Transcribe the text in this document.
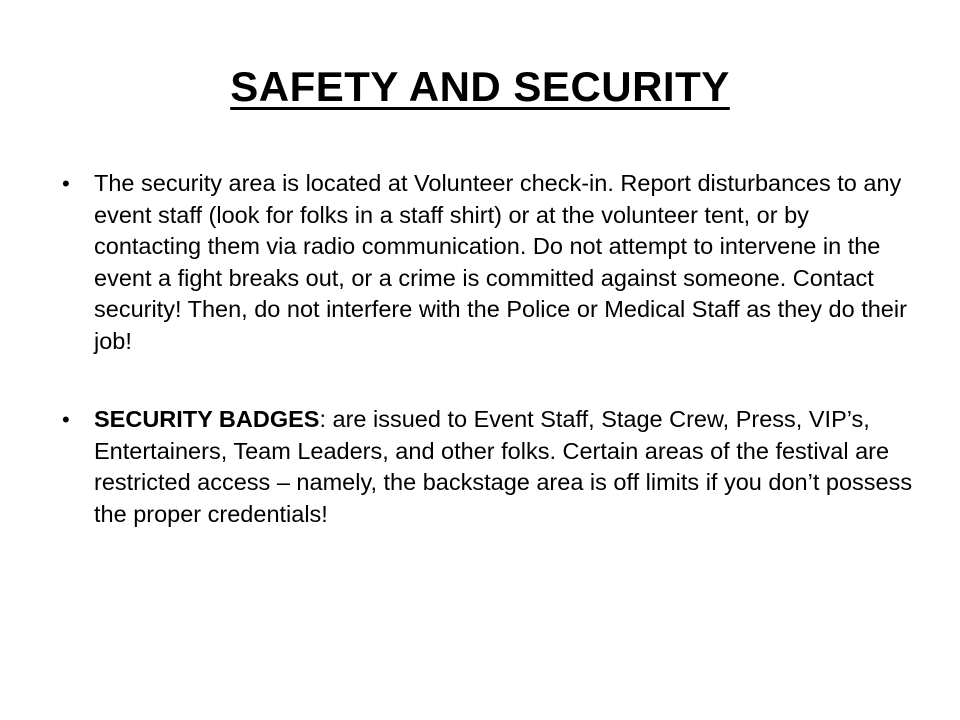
SAFETY AND SECURITY
• The security area is located at Volunteer check-in. Report disturbances to any event staff (look for folks in a staff shirt) or at the volunteer tent, or by contacting them via radio communication. Do not attempt to intervene in the event a fight breaks out, or a crime is committed against someone. Contact security! Then, do not interfere with the Police or Medical Staff as they do their job!
• SECURITY BADGES: are issued to Event Staff, Stage Crew, Press, VIP’s, Entertainers, Team Leaders, and other folks. Certain areas of the festival are restricted access – namely, the backstage area is off limits if you don’t possess the proper credentials!
